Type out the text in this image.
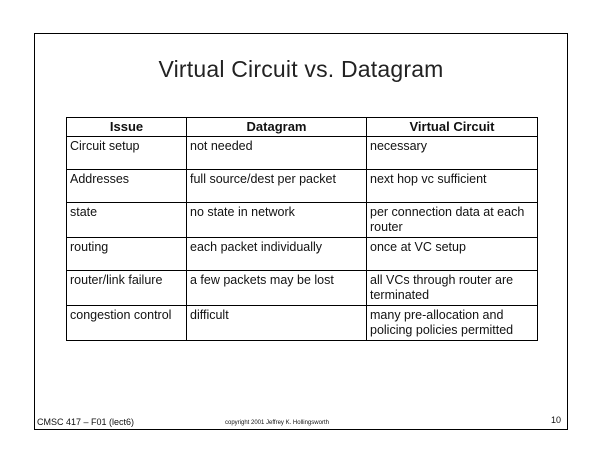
Virtual Circuit vs. Datagram
Issue	Datagram	Virtual Circuit
Circuit setup	not needed	necessary
Addresses	full source/dest per packet	next hop vc sufficient
state	no state in network	per connection data at each router
routing	each packet individually	once at VC setup
router/link failure	a few packets may be lost	all VCs through router are terminated
congestion control	difficult	many pre-allocation and policing policies permitted
CMSC 417 – F01 (lect6)	copyright 2001 Jeffrey K. Hollingsworth	10
